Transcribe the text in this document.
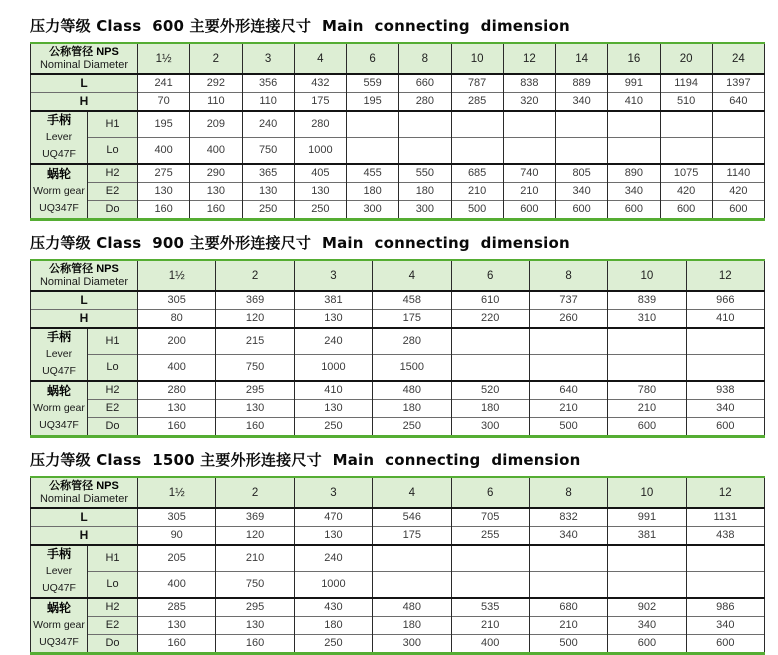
压力等级 Class  600 主要外形连接尺寸  Main  connecting  dimension
公称管径 NPS
Nominal Diameter		1½	2	3	4	6	8	10	12	14	16	20	24
L		241	292	356	432	559	660	787	838	889	991	1194	1397
H		70	110	110	175	195	280	285	320	340	410	510	640

手柄
Lever UQ47F	H1	195	209	240	280								
	Lo	400	400	750	1000								

蜗轮
Worm gear
UQ347F	H2	275	290	365	405	455	550	685	740	805	890	1075	1140
	E2	130	130	130	130	180	180	210	210	340	340	420	420
	Do	160	160	250	250	300	300	500	600	600	600	600	600
压力等级 Class  900 主要外形连接尺寸  Main  connecting  dimension
公称管径 NPS
Nominal Diameter		1½	2	3	4	6	8	10	12
L		305	369	381	458	610	737	839	966
H		80	120	130	175	220	260	310	410

手柄
Lever UQ47F	H1	200	215	240	280				
	Lo	400	750	1000	1500				

蜗轮
Worm gear
UQ347F	H2	280	295	410	480	520	640	780	938
	E2	130	130	130	180	180	210	210	340
	Do	160	160	250	250	300	500	600	600
压力等级 Class  1500 主要外形连接尺寸  Main  connecting  dimension
公称管径 NPS
Nominal Diameter		1½	2	3	4	6	8	10	12
L		305	369	470	546	705	832	991	1131
H		90	120	130	175	255	340	381	438

手柄
Lever UQ47F	H1	205	210	240					
	Lo	400	750	1000					

蜗轮
Worm gear
UQ347F	H2	285	295	430	480	535	680	902	986
	E2	130	130	180	180	210	210	340	340
	Do	160	160	250	300	400	500	600	600
